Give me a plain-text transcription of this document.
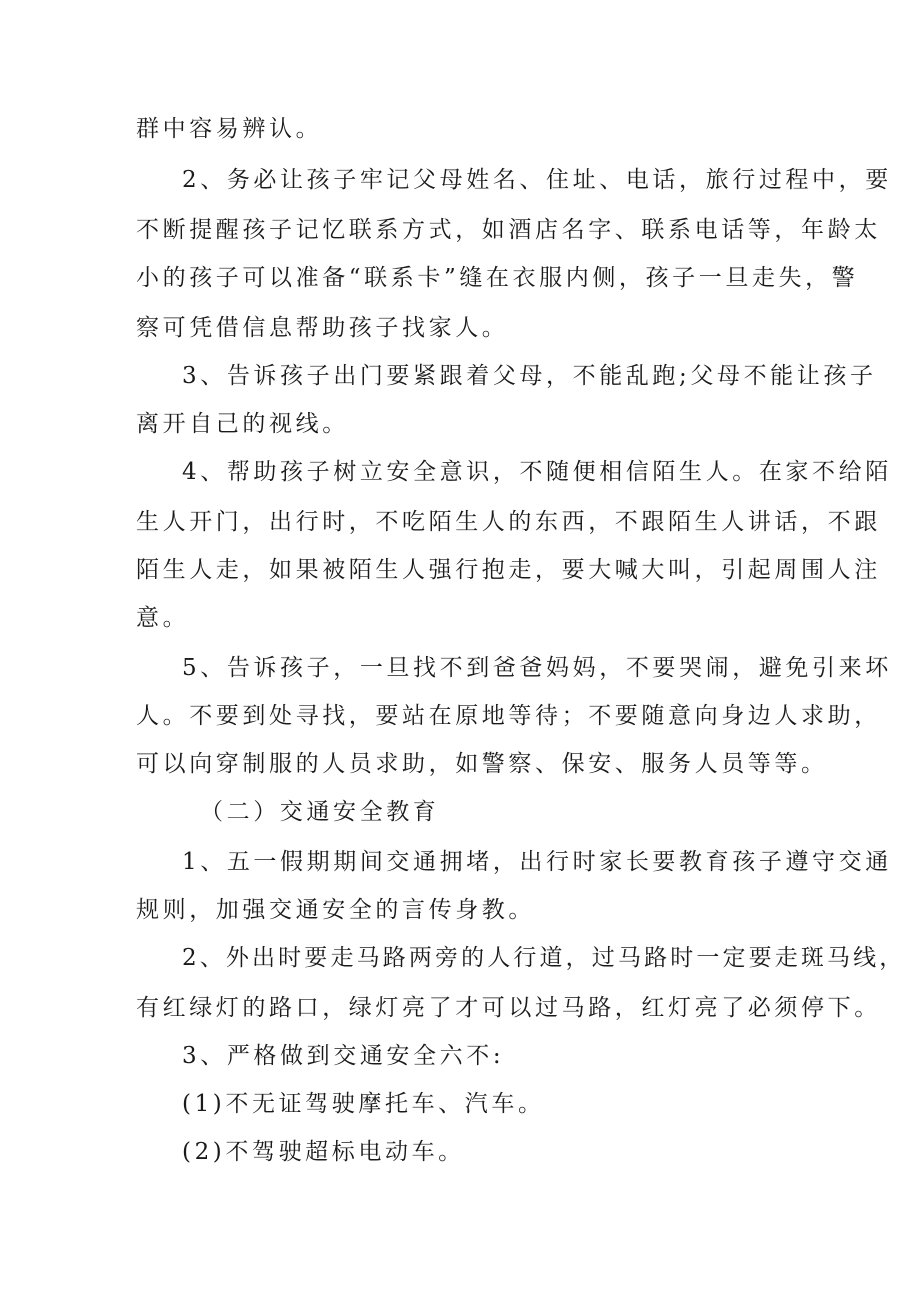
群中容易辨认。
2、务必让孩子牢记父母姓名、住址、电话，旅行过程中，要
不断提醒孩子记忆联系方式，如酒店名字、联系电话等，年龄太
小的孩子可以准备“联系卡”缝在衣服内侧，孩子一旦走失，警
察可凭借信息帮助孩子找家人。
3、告诉孩子出门要紧跟着父母，不能乱跑;父母不能让孩子
离开自己的视线。
4、帮助孩子树立安全意识，不随便相信陌生人。在家不给陌
生人开门，出行时，不吃陌生人的东西，不跟陌生人讲话，不跟
陌生人走，如果被陌生人强行抱走，要大喊大叫，引起周围人注
意。
5、告诉孩子，一旦找不到爸爸妈妈，不要哭闹，避免引来坏
人。不要到处寻找，要站在原地等待；不要随意向身边人求助，
可以向穿制服的人员求助，如警察、保安、服务人员等等。
（二）交通安全教育
1、五一假期期间交通拥堵，出行时家长要教育孩子遵守交通
规则，加强交通安全的言传身教。
2、外出时要走马路两旁的人行道，过马路时一定要走斑马线，
有红绿灯的路口，绿灯亮了才可以过马路，红灯亮了必须停下。
3、严格做到交通安全六不:
(1)不无证驾驶摩托车、汽车。
(2)不驾驶超标电动车。
